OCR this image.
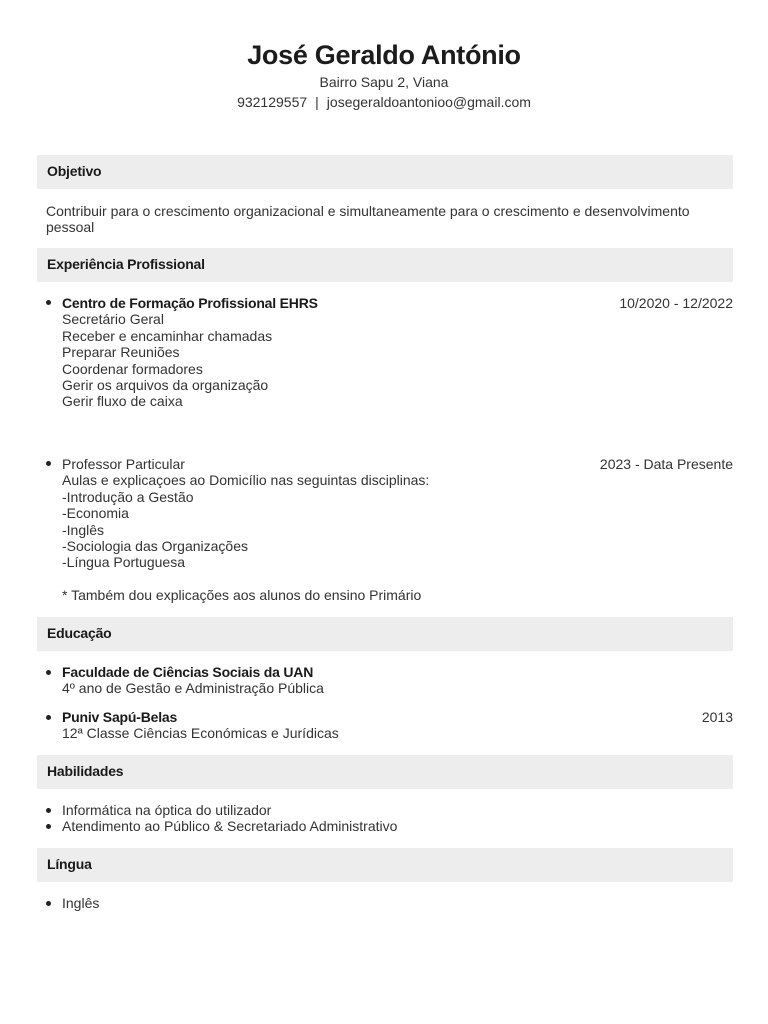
José Geraldo António
Bairro Sapu 2, Viana
932129557 | josegeraldoantonioo@gmail.com
Objetivo
Contribuir para o crescimento organizacional e simultaneamente para o crescimento e desenvolvimento pessoal
Experiência Profissional
Centro de Formação Profissional EHRS
Secretário Geral
Receber e encaminhar chamadas
Preparar Reuniões
Coordenar formadores
Gerir os arquivos da organização
Gerir fluxo de caixa
10/2020 - 12/2022
Professor Particular
Aulas e explicaçoes ao Domicílio nas seguintas disciplinas:
-Introdução a Gestão
-Economia
-Inglês
-Sociologia das Organizações
-Língua Portuguesa
* Também dou explicações aos alunos do ensino Primário
2023 - Data Presente
Educação
Faculdade de Ciências Sociais da UAN
4º ano de Gestão e Administração Pública
Puniv Sapú-Belas
12ª Classe Ciências Económicas e Jurídicas
2013
Habilidades
Informática na óptica do utilizador
Atendimento ao Público & Secretariado Administrativo
Língua
Inglês
